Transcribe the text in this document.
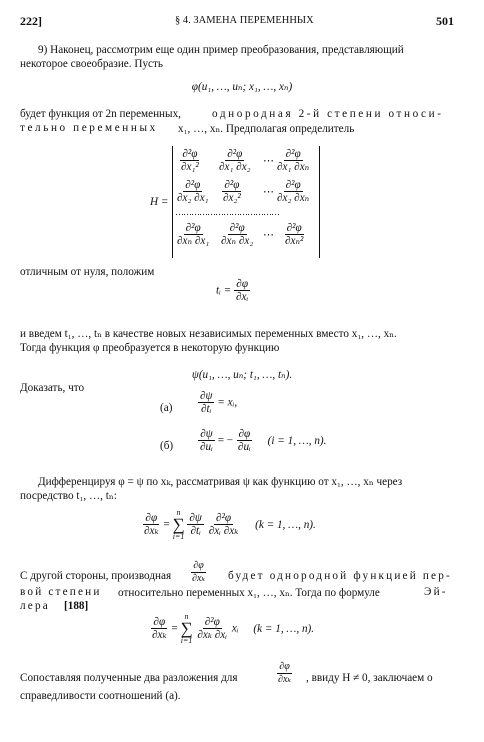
222]	§ 4. ЗАМЕНА ПЕРЕМЕННЫХ	501
9) Наконец, рассмотрим еще один пример преобразования, представляющий
некоторое своеобразие. Пусть
φ(u₁, …, uₙ; x₁, …, xₙ)
будет функция от 2n переменных,	однородная 2-й степени относи-
тельно переменных x₁, …, xₙ. Предполагая определитель
H =
$\frac{\text{∂²φ}}{\text{∂x₁²}} \frac{\text{∂²φ}}{\text{∂x₁ ∂x₂}}$ ⋯ $\frac{\text{∂²φ}}{\text{∂x₁ ∂xₙ}}$
$\frac{\text{∂²φ}}{\text{∂x₂ ∂x₁}} \frac{\text{∂²φ}}{\text{∂x₂²}}$ ⋯ $\frac{\text{∂²φ}}{\text{∂x₂ ∂xₙ}}$
…………………………………
$\frac{\text{∂²φ}}{\text{∂xₙ ∂x₁}} \frac{\text{∂²φ}}{\text{∂xₙ ∂x₂}}$ ⋯ $\frac{\text{∂²φ}}{\text{∂xₙ²}}$
отличным от нуля, положим
tᵢ = $\frac{\partial\varphi}{\text{∂xᵢ}}$
и введем t₁, …, tₙ в качестве новых независимых переменных вместо x₁, …, xₙ.
Тогда функция φ преобразуется в некоторую функцию
ψ(u₁, …, uₙ; t₁, …, tₙ).
Доказать, что
$(а) \frac{\partial\psi}{\text{∂tᵢ}}$ = xᵢ,
$(б) \frac{\partial\psi}{\text{∂uᵢ}}$ = − $\frac{\partial\varphi}{\text{∂uᵢ}} (i = 1$, …, n).
Дифференцируя φ = ψ по xₖ, рассматривая ψ как функцию от x₁, …, xₙ через
посредство t₁, …, tₙ:
$\frac{\partial\varphi}{\text{∂xₖ}}$ =
n
∑
i=1
$\frac{\partial\psi}{\text{∂tᵢ}}$
$\frac{\text{∂²φ}}{\text{∂xᵢ ∂xₖ}} (k = 1$, …, n).
С другой стороны, производная $\frac{\partial\varphi}{\text{∂xₖ}}$ будет однородной функцией пер-
вой степени относительно переменных x₁, …, xₙ. Тогда по формуле	Эй-
лера [188]
$\frac{\partial\varphi}{\text{∂xₖ}}$ =
n
∑
i=1
$\frac{\text{∂²φ}}{\text{∂xₖ ∂xᵢ}}$ xᵢ (k = 1, …, n).
Сопоставляя полученные два разложения для	$\frac{\partial\varphi}{\text{∂xₖ}}$ , ввиду H ≠ 0, заключаем о
справедливости соотношений (а).
